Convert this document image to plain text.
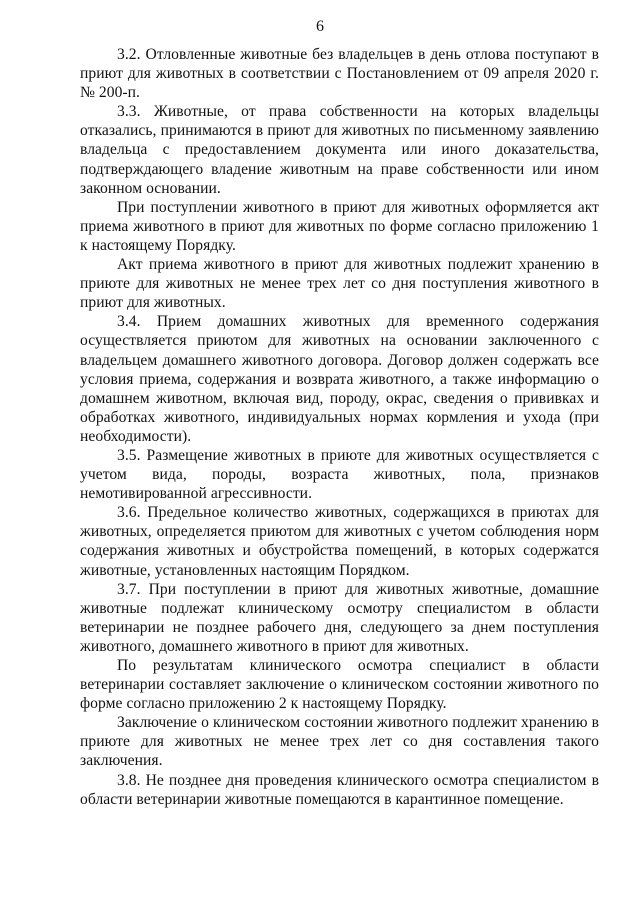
6

3.2. Отловленные животные без владельцев в день отлова поступают в приют для животных в соответствии с Постановлением от 09 апреля 2020 г. № 200-п.

3.3. Животные, от права собственности на которых владельцы отказались, принимаются в приют для животных по письменному заявлению владельца с предоставлением документа или иного доказательства, подтверждающего владение животным на праве собственности или ином законном основании.

При поступлении животного в приют для животных оформляется акт приема животного в приют для животных по форме согласно приложению 1 к настоящему Порядку.

Акт приема животного в приют для животных подлежит хранению в приюте для животных не менее трех лет со дня поступления животного в приют для животных.

3.4. Прием домашних животных для временного содержания осуществляется приютом для животных на основании заключенного с владельцем домашнего животного договора. Договор должен содержать все условия приема, содержания и возврата животного, а также информацию о домашнем животном, включая вид, породу, окрас, сведения о прививках и обработках животного, индивидуальных нормах кормления и ухода (при необходимости).

3.5. Размещение животных в приюте для животных осуществляется с учетом вида, породы, возраста животных, пола, признаков немотивированной агрессивности.

3.6. Предельное количество животных, содержащихся в приютах для животных, определяется приютом для животных с учетом соблюдения норм содержания животных и обустройства помещений, в которых содержатся животные, установленных настоящим Порядком.

3.7. При поступлении в приют для животных животные, домашние животные подлежат клиническому осмотру специалистом в области ветеринарии не позднее рабочего дня, следующего за днем поступления животного, домашнего животного в приют для животных.

По результатам клинического осмотра специалист в области ветеринарии составляет заключение о клиническом состоянии животного по форме согласно приложению 2 к настоящему Порядку.

Заключение о клиническом состоянии животного подлежит хранению в приюте для животных не менее трех лет со дня составления такого заключения.

3.8. Не позднее дня проведения клинического осмотра специалистом в области ветеринарии животные помещаются в карантинное помещение.
